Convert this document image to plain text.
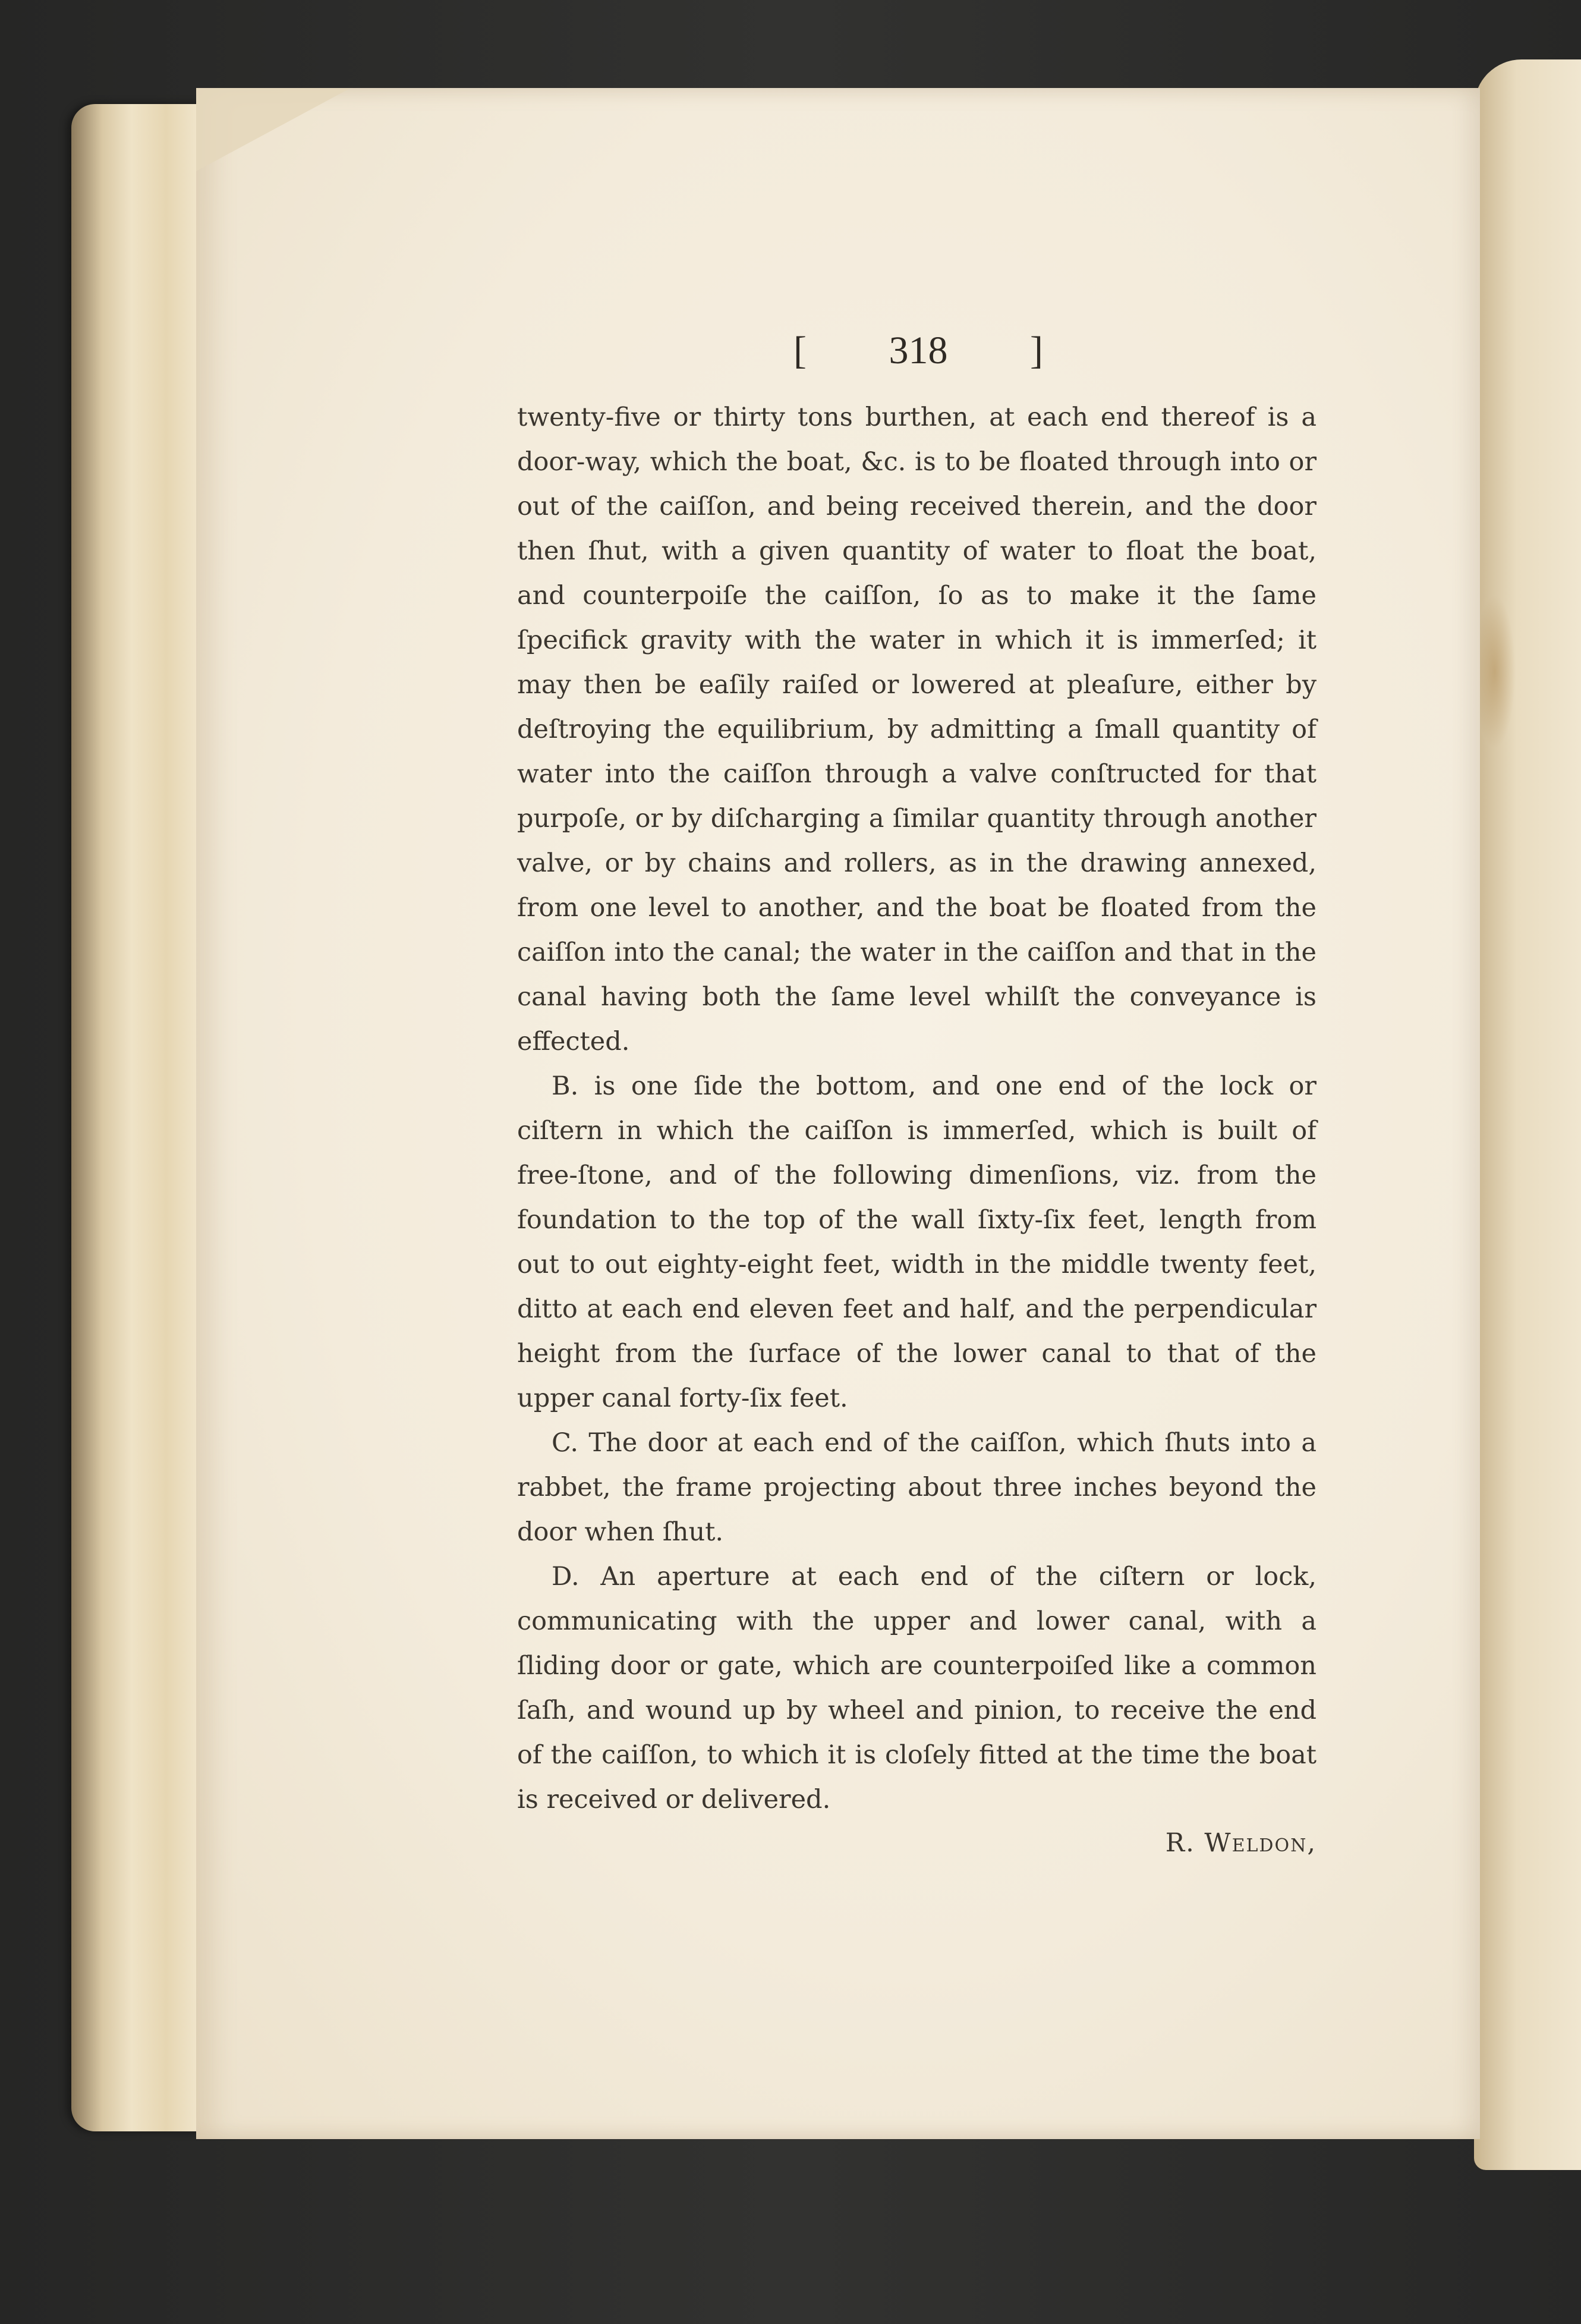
[ 318 ]

twenty-five or thirty tons burthen, at each end thereof is a door-way, which the boat, &c. is to be floated through into or out of the caiſſon, and being received therein, and the door then ſhut, with a given quantity of water to float the boat, and counterpoiſe the caiſſon, ſo as to make it the ſame ſpecifick gravity with the water in which it is immerſed; it may then be eaſily raiſed or lowered at pleaſure, either by deſtroying the equilibrium, by admitting a ſmall quantity of water into the caiſſon through a valve conſtructed for that purpoſe, or by diſcharging a ſimilar quantity through another valve, or by chains and rollers, as in the drawing annexed, from one level to another, and the boat be floated from the caiſſon into the canal; the water in the caiſſon and that in the canal having both the ſame level whilſt the conveyance is effected.

B. is one ſide the bottom, and one end of the lock or ciſtern in which the caiſſon is immerſed, which is built of free-ſtone, and of the following dimenſions, viz. from the foundation to the top of the wall ſixty-ſix feet, length from out to out eighty-eight feet, width in the middle twenty feet, ditto at each end eleven feet and half, and the perpendicular height from the ſurface of the lower canal to that of the upper canal forty-ſix feet.

C. The door at each end of the caiſſon, which ſhuts into a rabbet, the frame projecting about three inches beyond the door when ſhut.

D. An aperture at each end of the ciſtern or lock, communicating with the upper and lower canal, with a ſliding door or gate, which are counterpoiſed like a common ſaſh, and wound up by wheel and pinion, to receive the end of the caiſſon, to which it is cloſely fitted at the time the boat is received or delivered.

R. Weldon,
